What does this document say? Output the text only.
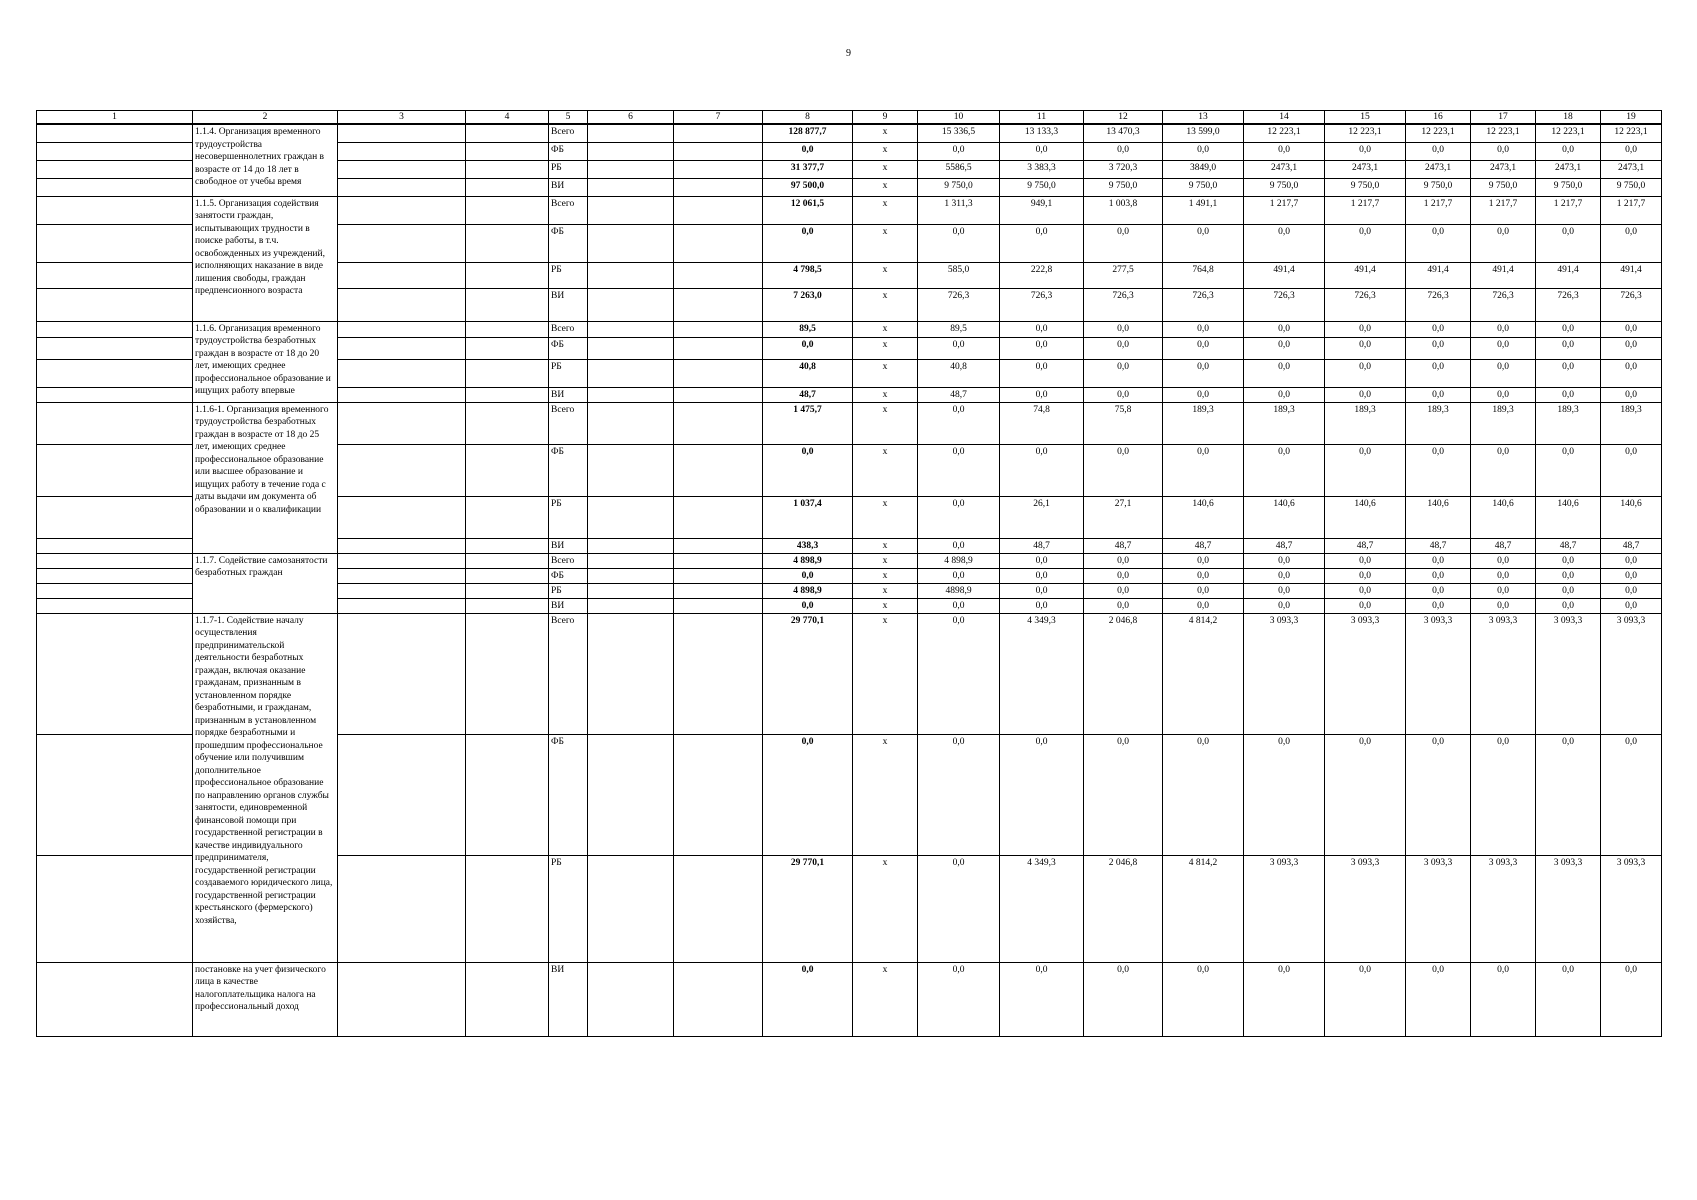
9
1	2	3	4	5	6	7	8	9	10	11	12	13	14	15	16	17	18	19
	1.1.4. Организация временного трудоустройства несовершеннолетних граждан в возрасте от 14 до 18 лет в свободное от учебы время			Всего			128 877,7	х	15 336,5	13 133,3	13 470,3	13 599,0	12 223,1	12 223,1	12 223,1	12 223,1	12 223,1	12 223,1
				ФБ			0,0	х	0,0	0,0	0,0	0,0	0,0	0,0	0,0	0,0	0,0	0,0
				РБ			31 377,7	х	5586,5	3 383,3	3 720,3	3849,0	2473,1	2473,1	2473,1	2473,1	2473,1	2473,1
				ВИ			97 500,0	х	9 750,0	9 750,0	9 750,0	9 750,0	9 750,0	9 750,0	9 750,0	9 750,0	9 750,0	9 750,0
	1.1.5. Организация содействия занятости граждан, испытывающих трудности в поиске работы, в т.ч. освобожденных из учреждений, исполняющих наказание в виде лишения свободы, граждан предпенсионного возраста			Всего			12 061,5	х	1 311,3	949,1	1 003,8	1 491,1	1 217,7	1 217,7	1 217,7	1 217,7	1 217,7	1 217,7
				ФБ			0,0	х	0,0	0,0	0,0	0,0	0,0	0,0	0,0	0,0	0,0	0,0
				РБ			4 798,5	х	585,0	222,8	277,5	764,8	491,4	491,4	491,4	491,4	491,4	491,4
				ВИ			7 263,0	х	726,3	726,3	726,3	726,3	726,3	726,3	726,3	726,3	726,3	726,3
	1.1.6. Организация временного трудоустройства безработных граждан в возрасте от 18 до 20 лет, имеющих среднее профессиональное образование и ищущих работу впервые			Всего			89,5	х	89,5	0,0	0,0	0,0	0,0	0,0	0,0	0,0	0,0	0,0
				ФБ			0,0	х	0,0	0,0	0,0	0,0	0,0	0,0	0,0	0,0	0,0	0,0
				РБ			40,8	х	40,8	0,0	0,0	0,0	0,0	0,0	0,0	0,0	0,0	0,0
				ВИ			48,7	х	48,7	0,0	0,0	0,0	0,0	0,0	0,0	0,0	0,0	0,0
	1.1.6-1. Организация временного трудоустройства безработных граждан в возрасте от 18 до 25 лет, имеющих среднее профессиональное образование или высшее образование и ищущих работу в течение года с даты выдачи им документа об образовании и о квалификации			Всего			1 475,7	х	0,0	74,8	75,8	189,3	189,3	189,3	189,3	189,3	189,3	189,3
				ФБ			0,0	х	0,0	0,0	0,0	0,0	0,0	0,0	0,0	0,0	0,0	0,0
				РБ			1 037,4	х	0,0	26,1	27,1	140,6	140,6	140,6	140,6	140,6	140,6	140,6
				ВИ			438,3	х	0,0	48,7	48,7	48,7	48,7	48,7	48,7	48,7	48,7	48,7
	1.1.7. Содействие самозанятости безработных граждан			Всего			4 898,9	х	4 898,9	0,0	0,0	0,0	0,0	0,0	0,0	0,0	0,0	0,0
				ФБ			0,0	х	0,0	0,0	0,0	0,0	0,0	0,0	0,0	0,0	0,0	0,0
				РБ			4 898,9	х	4898,9	0,0	0,0	0,0	0,0	0,0	0,0	0,0	0,0	0,0
				ВИ			0,0	х	0,0	0,0	0,0	0,0	0,0	0,0	0,0	0,0	0,0	0,0
	1.1.7-1. Содействие началу осуществления предпринимательской деятельности безработных граждан, включая оказание гражданам, признанным в установленном порядке безработными, и гражданам, признанным в установленном порядке безработными и прошедшим профессиональное обучение или получившим дополнительное профессиональное образование по направлению органов службы занятости, единовременной финансовой помощи при государственной регистрации в качестве индивидуального предпринимателя, государственной регистрации создаваемого юридического лица, государственной регистрации крестьянского (фермерского) хозяйства,			Всего			29 770,1	х	0,0	4 349,3	2 046,8	4 814,2	3 093,3	3 093,3	3 093,3	3 093,3	3 093,3	3 093,3
				ФБ			0,0	х	0,0	0,0	0,0	0,0	0,0	0,0	0,0	0,0	0,0	0,0
				РБ			29 770,1	х	0,0	4 349,3	2 046,8	4 814,2	3 093,3	3 093,3	3 093,3	3 093,3	3 093,3	3 093,3
	постановке на учет физического лица в качестве налогоплательщика налога на профессиональный доход			ВИ			0,0	х	0,0	0,0	0,0	0,0	0,0	0,0	0,0	0,0	0,0	0,0
